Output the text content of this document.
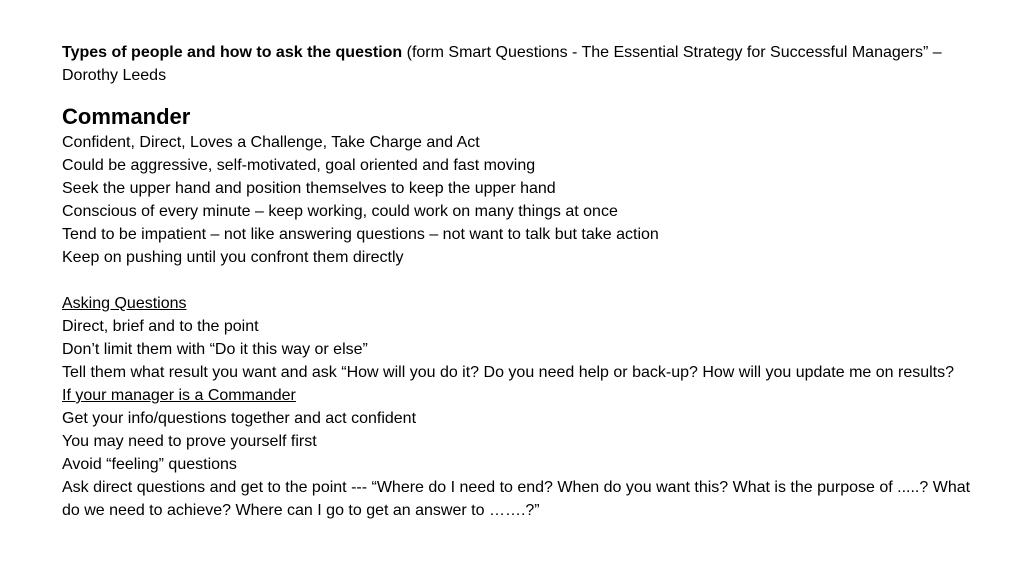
Types of people and how to ask the question (form Smart Questions - The Essential Strategy for Successful Managers” – Dorothy Leeds

Commander

Confident, Direct, Loves a Challenge, Take Charge and Act

Could be aggressive, self-motivated, goal oriented and fast moving

Seek the upper hand and position themselves to keep the upper hand

Conscious of every minute – keep working, could work on many things at once

Tend to be impatient – not like answering questions – not want to talk but take action

Keep on pushing until you confront them directly

Asking Questions

Direct, brief and to the point

Don’t limit them with “Do it this way or else”

Tell them what result you want and ask “How will you do it? Do you need help or back-up? How will you update me on results?

If your manager is a Commander

Get your info/questions together and act confident

You may need to prove yourself first

Avoid “feeling” questions

Ask direct questions and get to the point --- “Where do I need to end? When do you want this? What is the purpose of .....? What do we need to achieve? Where can I go to get an answer to …….?”
